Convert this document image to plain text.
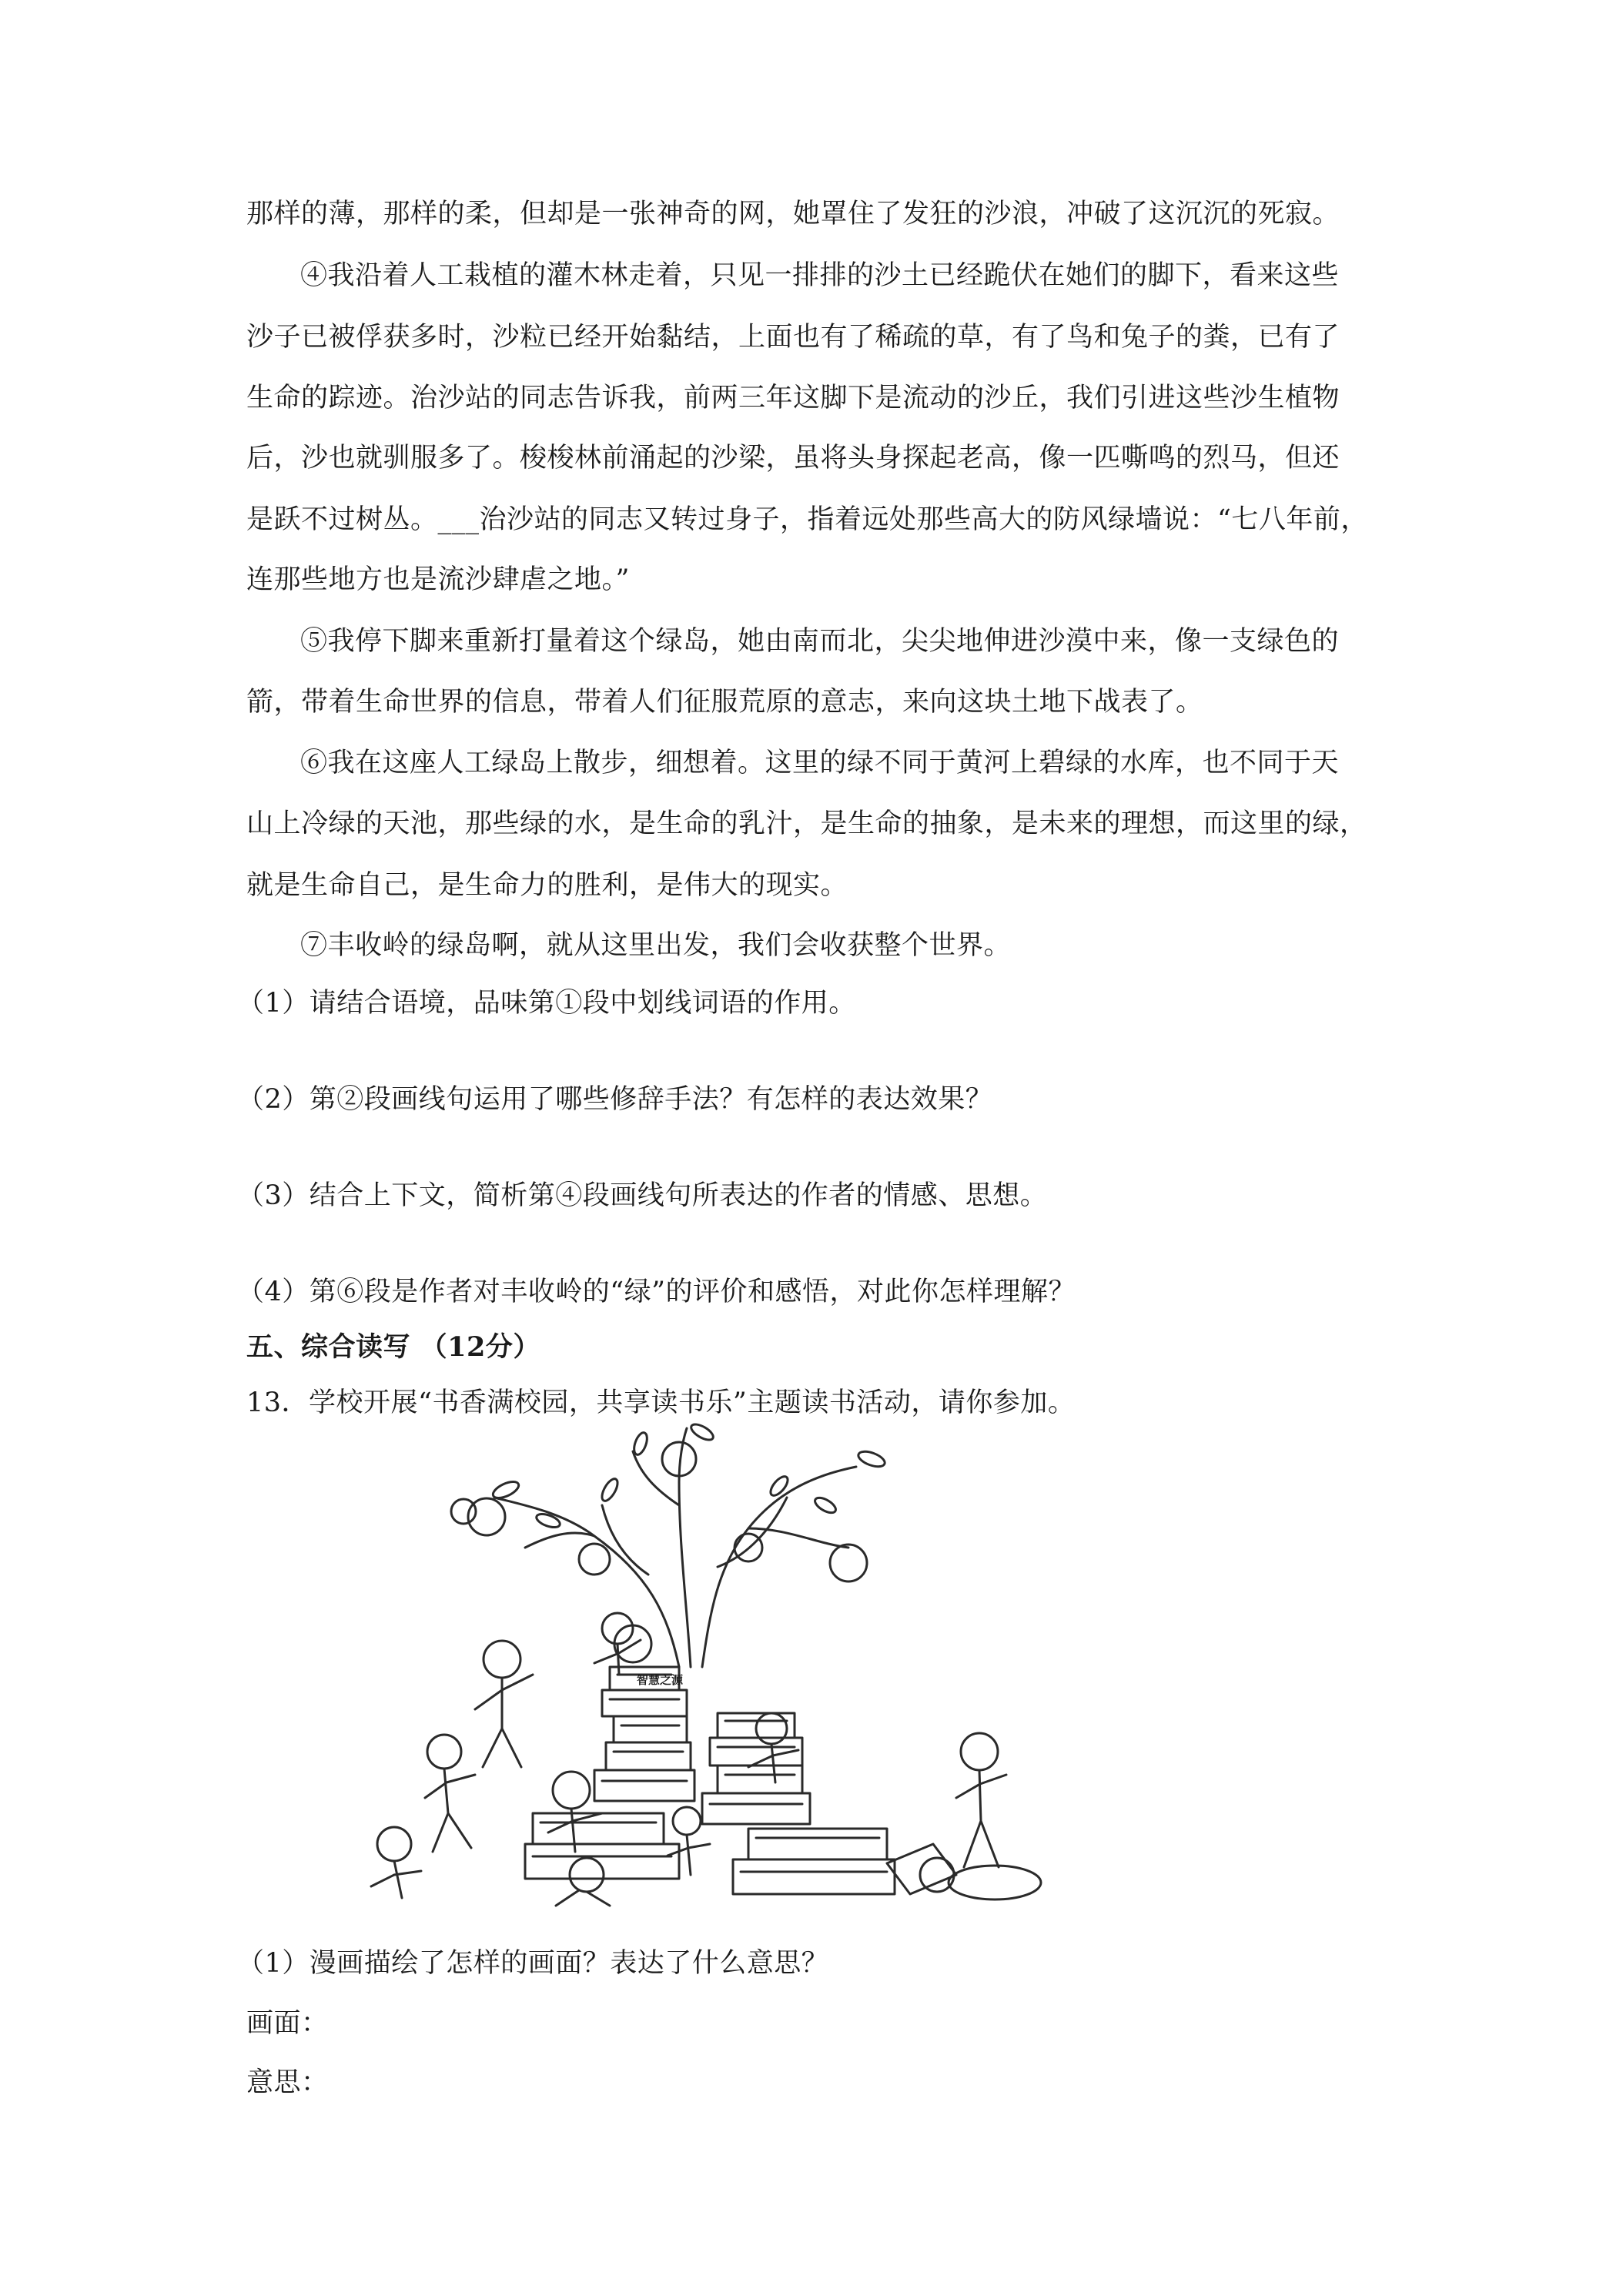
那样的薄，那样的柔，但却是一张神奇的网，她罩住了发狂的沙浪，冲破了这沉沉的死寂。
④我沿着人工栽植的灌木林走着，只见一排排的沙土已经跪伏在她们的脚下，看来这些
沙子已被俘获多时，沙粒已经开始黏结，上面也有了稀疏的草，有了鸟和兔子的粪，已有了
生命的踪迹。治沙站的同志告诉我，前两三年这脚下是流动的沙丘，我们引进这些沙生植物
后，沙也就驯服多了。梭梭林前涌起的沙梁，虽将头身探起老高，像一匹嘶鸣的烈马，但还
是跃不过树丛。___治沙站的同志又转过身子，指着远处那些高大的防风绿墙说：“七八年前，
连那些地方也是流沙肆虐之地。”
⑤我停下脚来重新打量着这个绿岛，她由南而北，尖尖地伸进沙漠中来，像一支绿色的
箭，带着生命世界的信息，带着人们征服荒原的意志，来向这块土地下战表了。
⑥我在这座人工绿岛上散步，细想着。这里的绿不同于黄河上碧绿的水库，也不同于天
山上冷绿的天池，那些绿的水，是生命的乳汁，是生命的抽象，是未来的理想，而这里的绿，
就是生命自己，是生命力的胜利，是伟大的现实。
⑦丰收岭的绿岛啊，就从这里出发，我们会收获整个世界。
（1）请结合语境，品味第①段中划线词语的作用。
（2）第②段画线句运用了哪些修辞手法？有怎样的表达效果？
（3）结合上下文，简析第④段画线句所表达的作者的情感、思想。
（4）第⑥段是作者对丰收岭的“绿”的评价和感悟，对此你怎样理解？
五、综合读写 （12分）
13．学校开展“书香满校园，共享读书乐”主题读书活动，请你参加。
智慧之源
（1）漫画描绘了怎样的画面？表达了什么意思？
画面：
意思：
